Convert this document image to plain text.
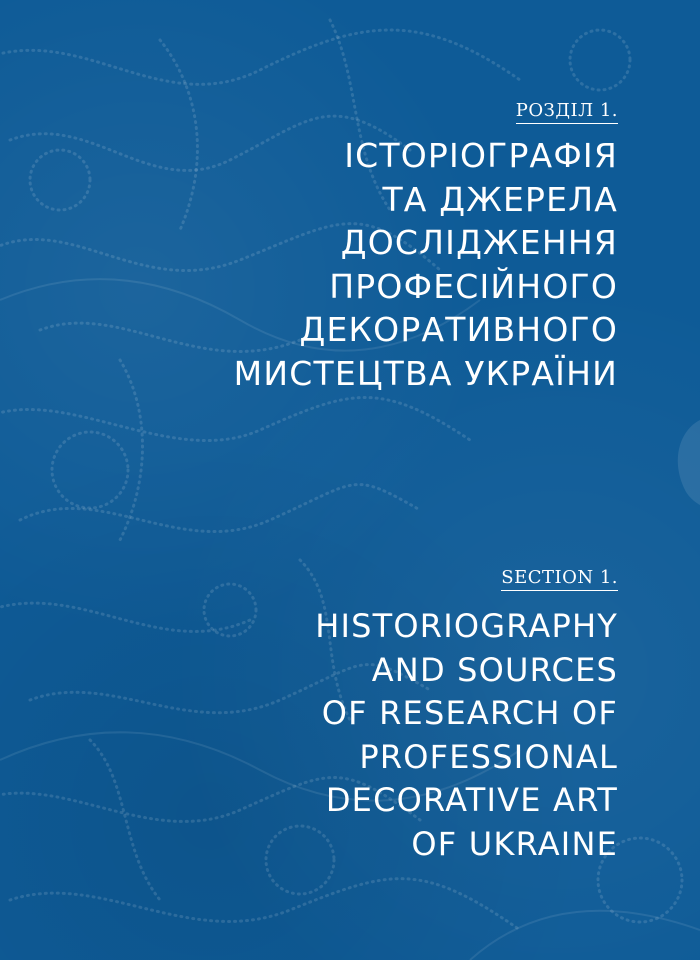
РОЗДІЛ 1.
ІСТОРІОГРАФІЯ
ТА ДЖЕРЕЛА
ДОСЛІДЖЕННЯ
ПРОФЕСІЙНОГО
ДЕКОРАТИВНОГО
МИСТЕЦТВА УКРАЇНИ
SECTION 1.
HISTORIOGRAPHY
AND SOURCES
OF RESEARCH OF
PROFESSIONAL
DECORATIVE ART
OF UKRAINE
